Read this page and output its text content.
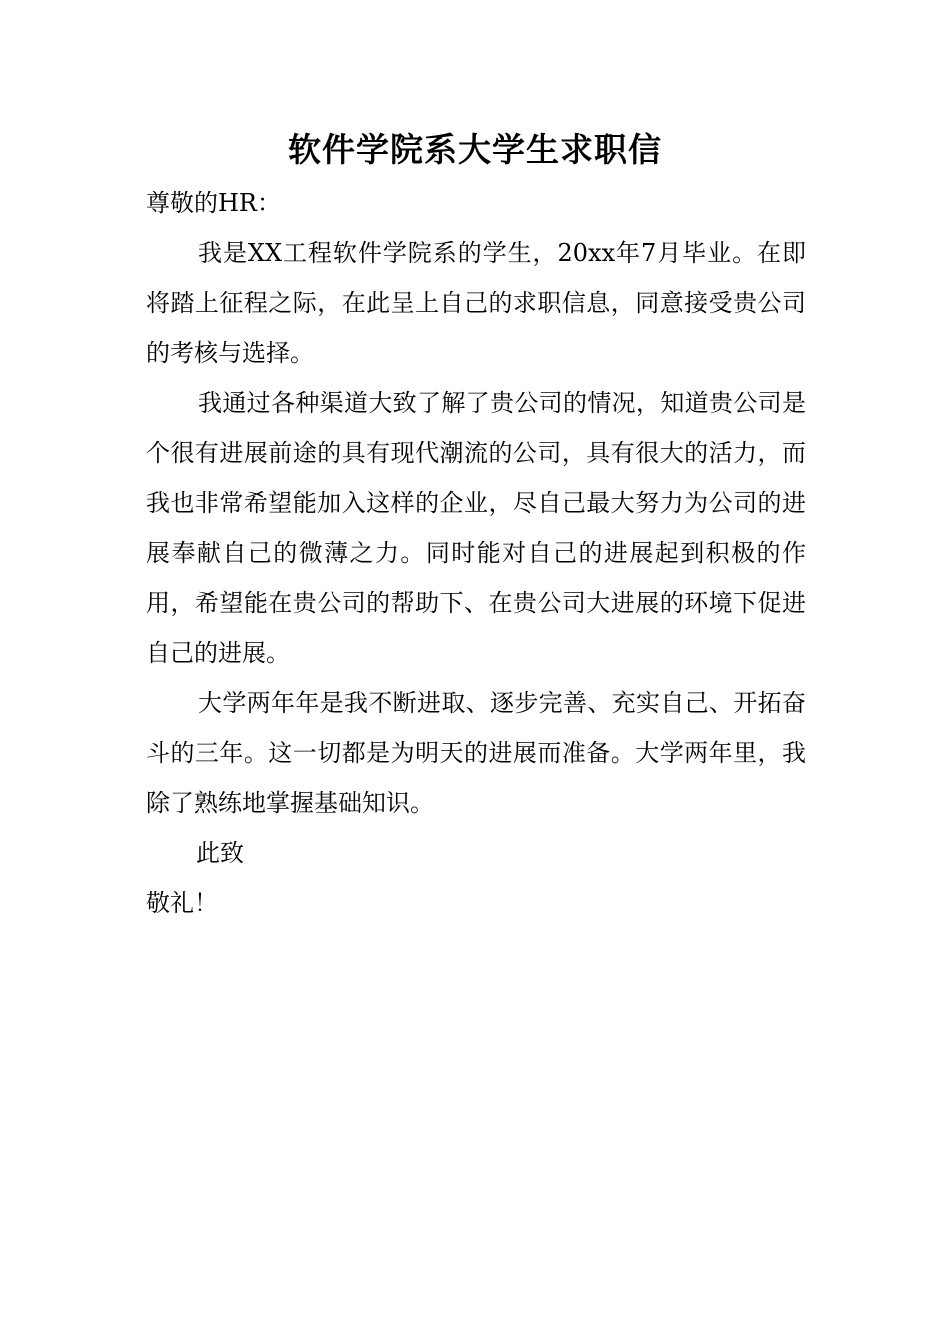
软件学院系大学生求职信

尊敬的HR：

我是XX工程软件学院系的学生，20xx年7月毕业。在即将踏上征程之际，在此呈上自己的求职信息，同意接受贵公司的考核与选择。

我通过各种渠道大致了解了贵公司的情况，知道贵公司是个很有进展前途的具有现代潮流的公司，具有很大的活力，而我也非常希望能加入这样的企业，尽自己最大努力为公司的进展奉献自己的微薄之力。同时能对自己的进展起到积极的作用，希望能在贵公司的帮助下、在贵公司大进展的环境下促进自己的进展。

大学两年年是我不断进取、逐步完善、充实自己、开拓奋斗的三年。这一切都是为明天的进展而准备。大学两年里，我除了熟练地掌握基础知识。

此致

敬礼！
